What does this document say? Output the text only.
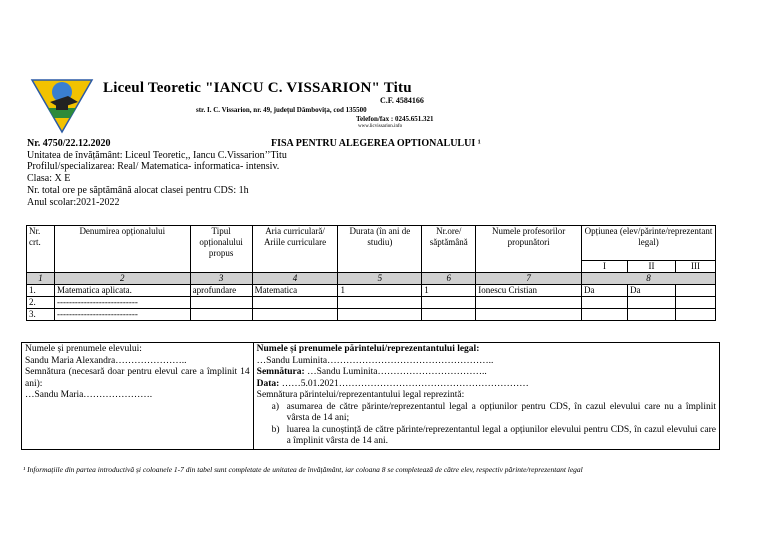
Liceul Teoretic "IANCU C. VISSARION" Titu
C.F. 4584166
str. I. C. Vissarion, nr. 49, județul Dâmbovița, cod 135500
Telefon/fax : 0245.651.321
www.licvissarion.info
Nr. 4750/22.12.2020	FISA PENTRU ALEGEREA OPTIONALULUI ¹
Unitatea de învățământ: Liceul Teoretic,, Iancu C.Vissarion’’Titu
Profilul/specializarea: Real/ Matematica- informatica- intensiv.
Clasa: X E
Nr. total ore pe săptămână alocat clasei pentru CDS: 1h
Anul scolar:2021-2022
Nr. crt.	Denumirea opționalului	Tipul opționalului propus	Aria curriculară/ Ariile curriculare	Durata (în ani de studiu)	Nr.ore/ săptămână	Numele profesorilor propunători	Opțiunea (elev/părinte/reprezentant legal)		
							I	II	III
1	2	3	4	5	6	7	8		
1.	Matematica aplicata.	aprofundare	Matematica	1	1	Ionescu Cristian	Da	Da	
2.	---------------------------								
3.	---------------------------								
Numele și prenumele elevului:
Sandu Maria Alexandra…………………..
Semnătura (necesară doar pentru elevul care a împlinit 14 ani):
…Sandu Maria………………….

Numele și prenumele părintelui/reprezentantului legal:
…Sandu Luminita……………………………………………..
Semnătura: …Sandu Luminita……………………………..
Data: ……5.01.2021……………………………………………………
Semnătura părintelui/reprezentantului legal reprezintă:
a) asumarea de către părinte/reprezentantul legal a opțiunilor pentru CDS, în cazul elevului care nu a împlinit vârsta de 14 ani;
b) luarea la cunoștință de către părinte/reprezentantul legal a opțiunilor elevului pentru CDS, în cazul elevului care a împlinit vârsta de 14 ani.
¹ Informațiile din partea introductivă și coloanele 1-7 din tabel sunt completate de unitatea de învățământ, iar coloana 8 se completează de către elev, respectiv părinte/reprezentant legal
